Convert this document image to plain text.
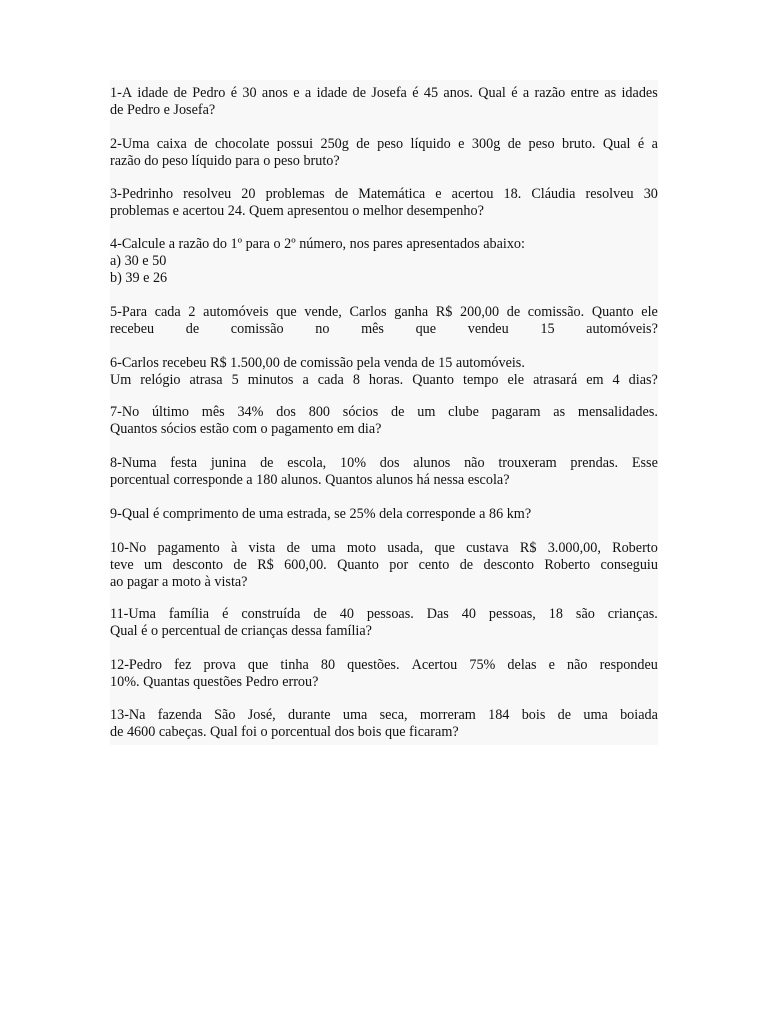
1-A idade de Pedro é 30 anos e a idade de Josefa é 45 anos. Qual é a razão entre as idades
de Pedro e Josefa?
2-Uma caixa de chocolate possui 250g de peso líquido e 300g de peso bruto. Qual é a
razão do peso líquido para o peso bruto?
3-Pedrinho resolveu 20 problemas de Matemática e acertou 18. Cláudia resolveu 30
problemas e acertou 24. Quem apresentou o melhor desempenho?
4-Calcule a razão do 1º para o 2º número, nos pares apresentados abaixo:
a) 30 e 50
b) 39 e 26
5-Para cada 2 automóveis que vende, Carlos ganha R$ 200,00 de comissão. Quanto ele
recebeu de comissão no mês que vendeu 15 automóveis?
6-Carlos recebeu R$ 1.500,00 de comissão pela venda de 15 automóveis.
Um relógio atrasa 5 minutos a cada 8 horas. Quanto tempo ele atrasará em 4 dias?
7-No último mês 34% dos 800 sócios de um clube pagaram as mensalidades.
Quantos sócios estão com o pagamento em dia?
8-Numa festa junina de escola, 10% dos alunos não trouxeram prendas. Esse
porcentual corresponde a 180 alunos. Quantos alunos há nessa escola?
9-Qual é comprimento de uma estrada, se 25% dela corresponde a 86 km?
10-No pagamento à vista de uma moto usada, que custava R$ 3.000,00, Roberto
teve um desconto de R$ 600,00. Quanto por cento de desconto Roberto conseguiu
ao pagar a moto à vista?
11-Uma família é construída de 40 pessoas. Das 40 pessoas, 18 são crianças.
Qual é o percentual de crianças dessa família?
12-Pedro fez prova que tinha 80 questões. Acertou 75% delas e não respondeu
10%. Quantas questões Pedro errou?
13-Na fazenda São José, durante uma seca, morreram 184 bois de uma boiada
de 4600 cabeças. Qual foi o porcentual dos bois que ficaram?
